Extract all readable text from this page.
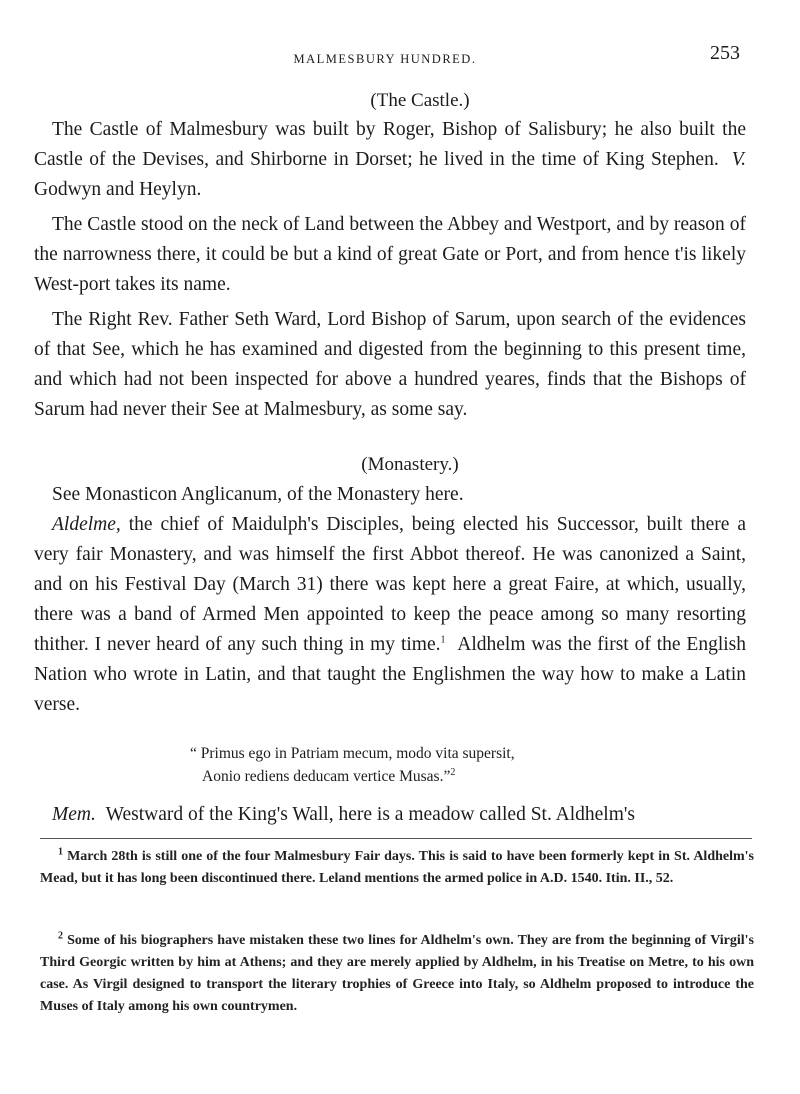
MALMESBURY HUNDRED.	253
(The Castle.)
The Castle of Malmesbury was built by Roger, Bishop of Salisbury; he also built the Castle of the Devises, and Shirborne in Dorset; he lived in the time of King Stephen. V. Godwyn and Heylyn.
The Castle stood on the neck of Land between the Abbey and Westport, and by reason of the narrowness there, it could be but a kind of great Gate or Port, and from hence t'is likely West-port takes its name.
The Right Rev. Father Seth Ward, Lord Bishop of Sarum, upon search of the evidences of that See, which he has examined and digested from the beginning to this present time, and which had not been inspected for above a hundred yeares, finds that the Bishops of Sarum had never their See at Malmesbury, as some say.
(Monastery.)
See Monasticon Anglicanum, of the Monastery here.
Aldelme, the chief of Maidulph's Disciples, being elected his Successor, built there a very fair Monastery, and was himself the first Abbot thereof. He was canonized a Saint, and on his Festival Day (March 31) there was kept here a great Faire, at which, usually, there was a band of Armed Men appointed to keep the peace among so many resorting thither. I never heard of any such thing in my time.$^1$ Aldhelm was the first of the English Nation who wrote in Latin, and that taught the Englishmen the way how to make a Latin verse.
“ Primus ego in Patriam mecum, modo vita supersit,
Aonio rediens deducam vertice Musas.”$^2$
Mem. Westward of the King's Wall, here is a meadow called St. Aldhelm's
$^1$ March 28th is still one of the four Malmesbury Fair days. This is said to have been formerly kept in St. Aldhelm's Mead, but it has long been discontinued there. Leland mentions the armed police in A.D. 1540. Itin. II., 52.
$^2$ Some of his biographers have mistaken these two lines for Aldhelm's own. They are from the beginning of Virgil's Third Georgic written by him at Athens; and they are merely applied by Aldhelm, in his Treatise on Metre, to his own case. As Virgil designed to transport the literary trophies of Greece into Italy, so Aldhelm proposed to introduce the Muses of Italy among his own countrymen.
